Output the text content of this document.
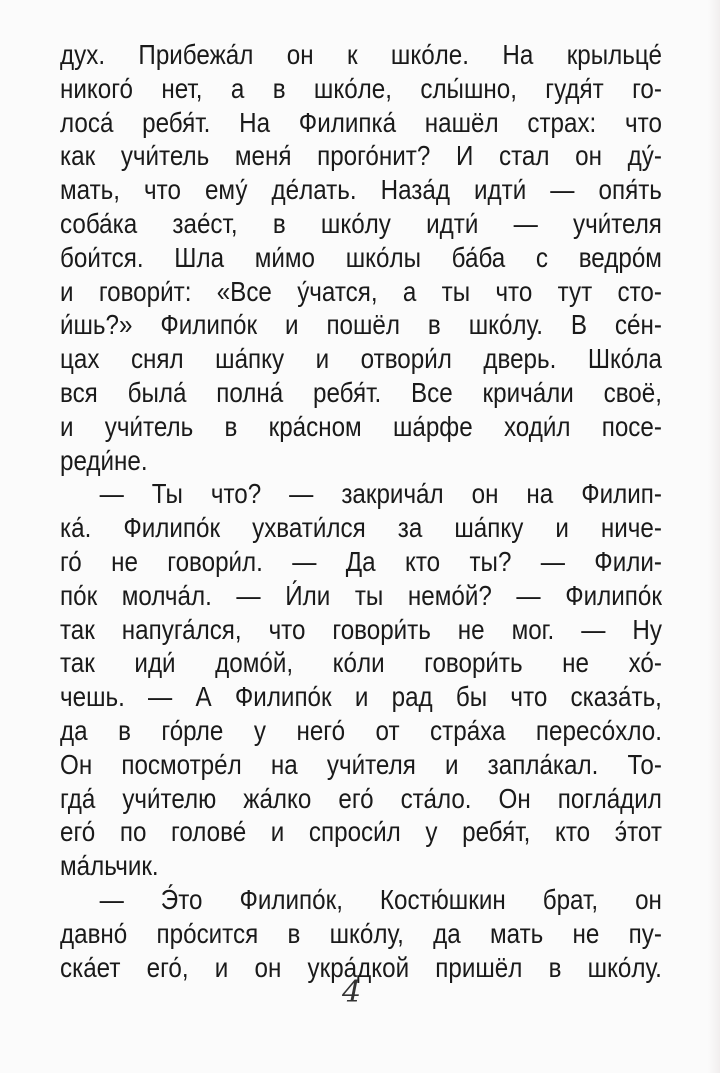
дух. Прибежа́л он к шко́ле. На крыльце́
никого́ нет, а в шко́ле, слы́шно, гудя́т го-
лоса́ ребя́т. На Филипка́ нашёл страх: что
как учи́тель меня́ прого́нит? И стал он ду́-
мать, что ему́ де́лать. Наза́д идти́ — опя́ть
соба́ка зае́ст, в шко́лу идти́ — учи́теля
бои́тся. Шла ми́мо шко́лы ба́ба с ведро́м
и говори́т: «Все у́чатся, а ты что тут сто-
и́шь?» Филипо́к и пошёл в шко́лу. В се́н-
цах снял ша́пку и отвори́л дверь. Шко́ла
вся была́ полна́ ребя́т. Все крича́ли своё,
и учи́тель в кра́сном ша́рфе ходи́л посе-
реди́не.
— Ты что? — закрича́л он на Филип-
ка́. Филипо́к ухвати́лся за ша́пку и ниче-
го́ не говори́л. — Да кто ты? — Фили-
по́к молча́л. — И́ли ты немо́й? — Филипо́к
так напуга́лся, что говори́ть не мог. — Ну
так иди́ домо́й, ко́ли говори́ть не хо́-
чешь. — А Филипо́к и рад бы что сказа́ть,
да в го́рле у него́ от стра́ха пересо́хло.
Он посмотре́л на учи́теля и запла́кал. То-
гда́ учи́телю жа́лко его́ ста́ло. Он погла́дил
его́ по голове́ и спроси́л у ребя́т, кто э́тот
ма́льчик.
— Э́то Филипо́к, Костю́шкин брат, он
давно́ про́сится в шко́лу, да мать не пу-
ска́ет его́, и он укра́дкой пришёл в шко́лу.
4
